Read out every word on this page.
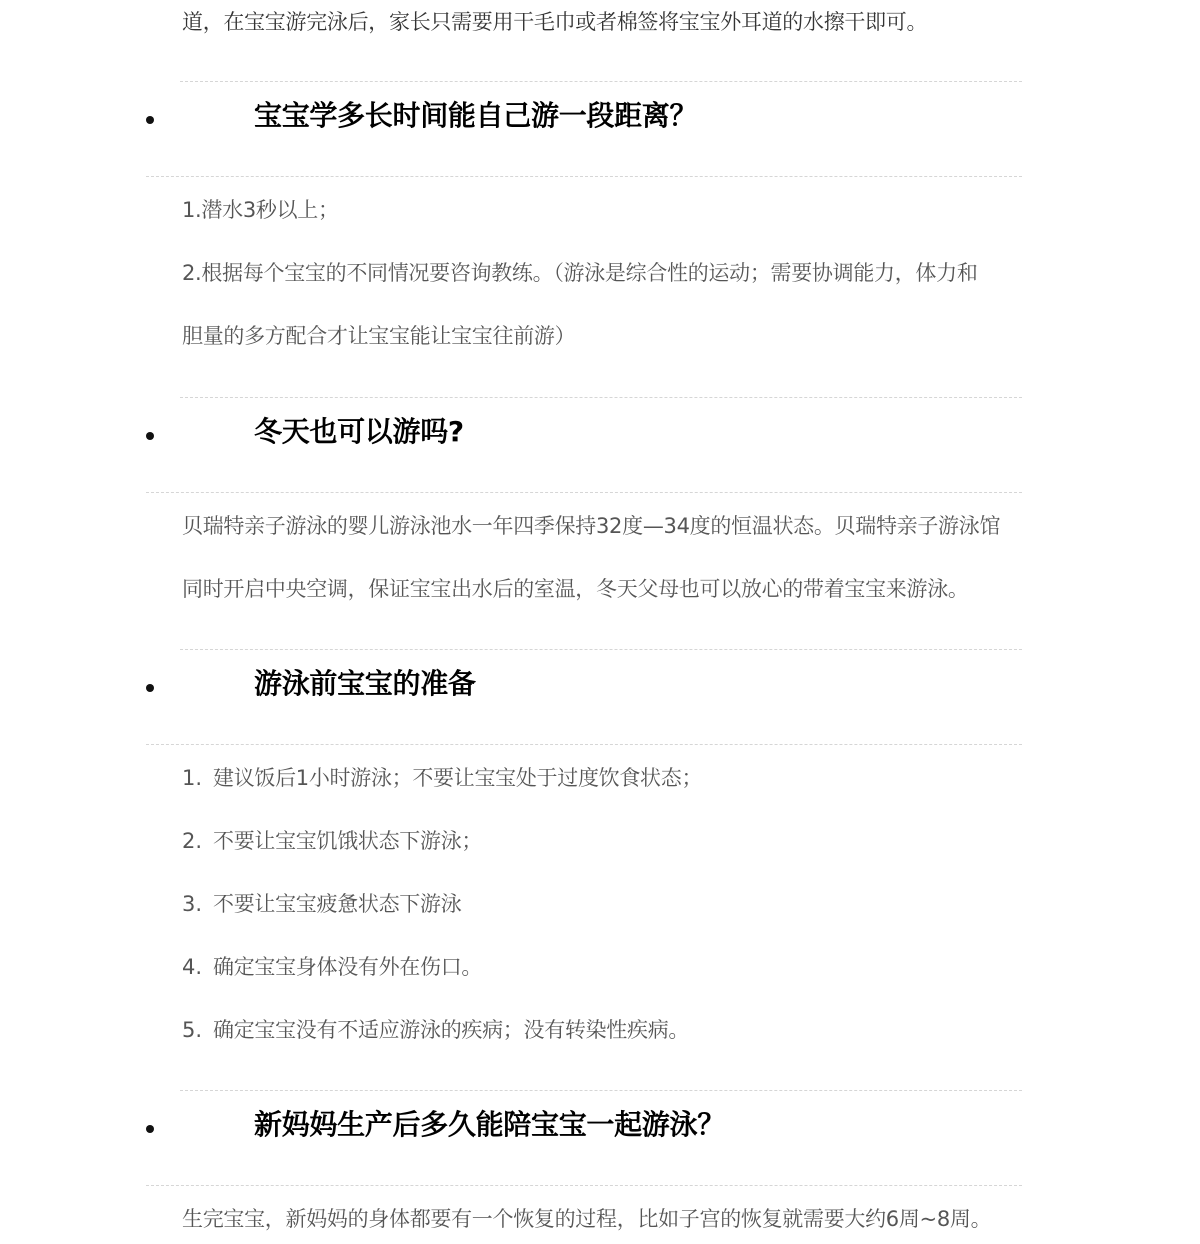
道，在宝宝游完泳后，家长只需要用干毛巾或者棉签将宝宝外耳道的水擦干即可。
宝宝学多长时间能自己游一段距离？
1.潜水3秒以上；
2.根据每个宝宝的不同情况要咨询教练。（游泳是综合性的运动；需要协调能力，体力和
胆量的多方配合才让宝宝能让宝宝往前游）
冬天也可以游吗?
贝瑞特亲子游泳的婴儿游泳池水一年四季保持32度—34度的恒温状态。贝瑞特亲子游泳馆
同时开启中央空调，保证宝宝出水后的室温，冬天父母也可以放心的带着宝宝来游泳。
游泳前宝宝的准备
1. 建议饭后1小时游泳；不要让宝宝处于过度饮食状态；
2. 不要让宝宝饥饿状态下游泳；
3. 不要让宝宝疲惫状态下游泳
4. 确定宝宝身体没有外在伤口。
5. 确定宝宝没有不适应游泳的疾病；没有转染性疾病。
新妈妈生产后多久能陪宝宝一起游泳？
生完宝宝，新妈妈的身体都要有一个恢复的过程，比如子宫的恢复就需要大约6周~8周。
